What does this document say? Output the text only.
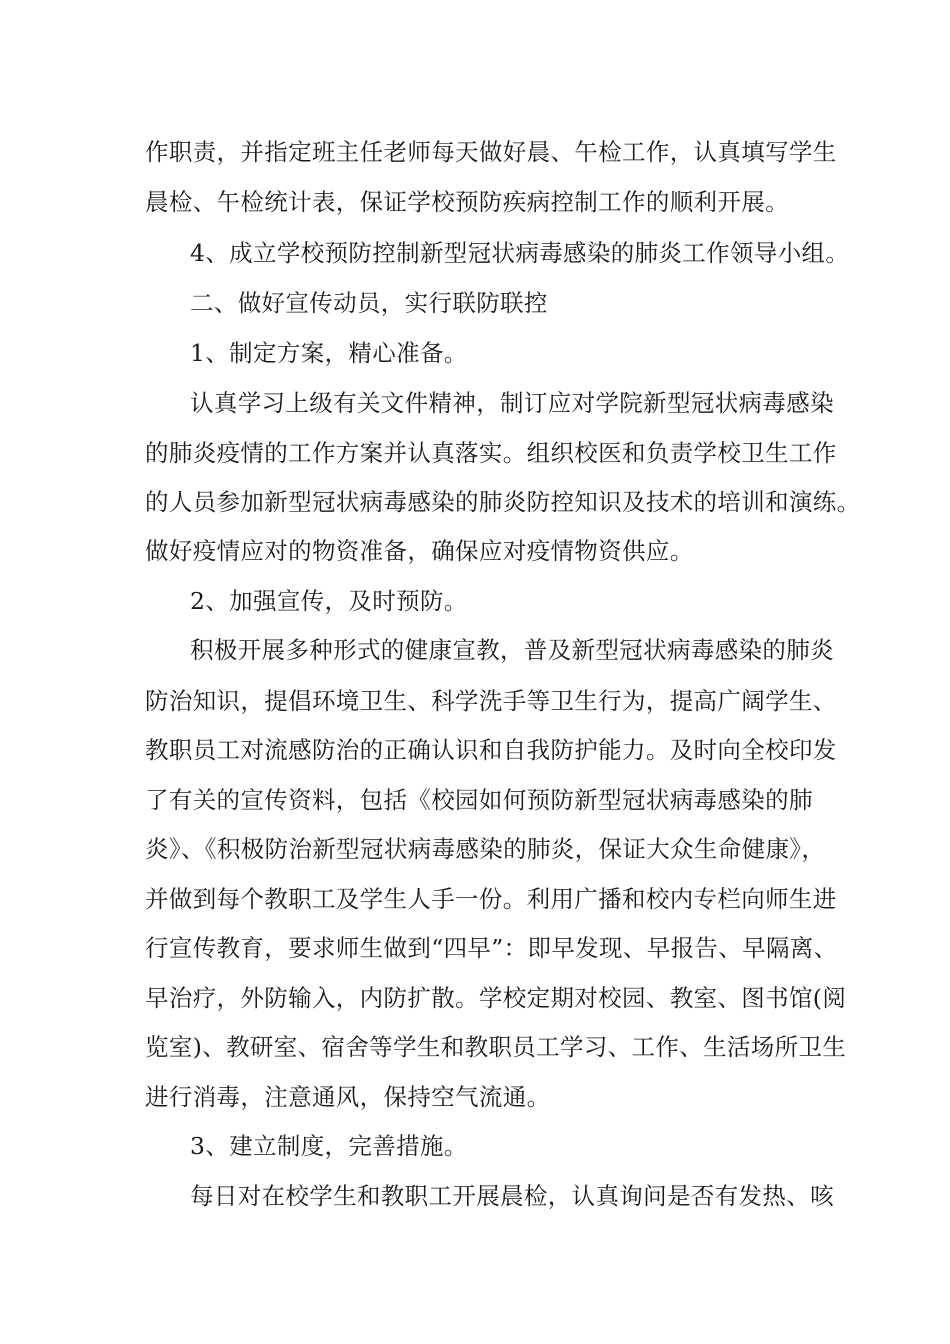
作职责，并指定班主任老师每天做好晨、午检工作，认真填写学生
晨检、午检统计表，保证学校预防疾病控制工作的顺利开展。
4、成立学校预防控制新型冠状病毒感染的肺炎工作领导小组。
二、做好宣传动员，实行联防联控
1、制定方案，精心准备。
认真学习上级有关文件精神，制订应对学院新型冠状病毒感染
的肺炎疫情的工作方案并认真落实。组织校医和负责学校卫生工作
的人员参加新型冠状病毒感染的肺炎防控知识及技术的培训和演练。
做好疫情应对的物资准备，确保应对疫情物资供应。
2、加强宣传，及时预防。
积极开展多种形式的健康宣教，普及新型冠状病毒感染的肺炎
防治知识，提倡环境卫生、科学洗手等卫生行为，提高广阔学生、
教职员工对流感防治的正确认识和自我防护能力。及时向全校印发
了有关的宣传资料，包括《校园如何预防新型冠状病毒感染的肺
炎》、《积极防治新型冠状病毒感染的肺炎，保证大众生命健康》，
并做到每个教职工及学生人手一份。利用广播和校内专栏向师生进
行宣传教育，要求师生做到“四早”：即早发现、早报告、早隔离、
早治疗，外防输入，内防扩散。学校定期对校园、教室、图书馆(阅
览室)、教研室、宿舍等学生和教职员工学习、工作、生活场所卫生
进行消毒，注意通风，保持空气流通。
3、建立制度，完善措施。
每日对在校学生和教职工开展晨检，认真询问是否有发热、咳
